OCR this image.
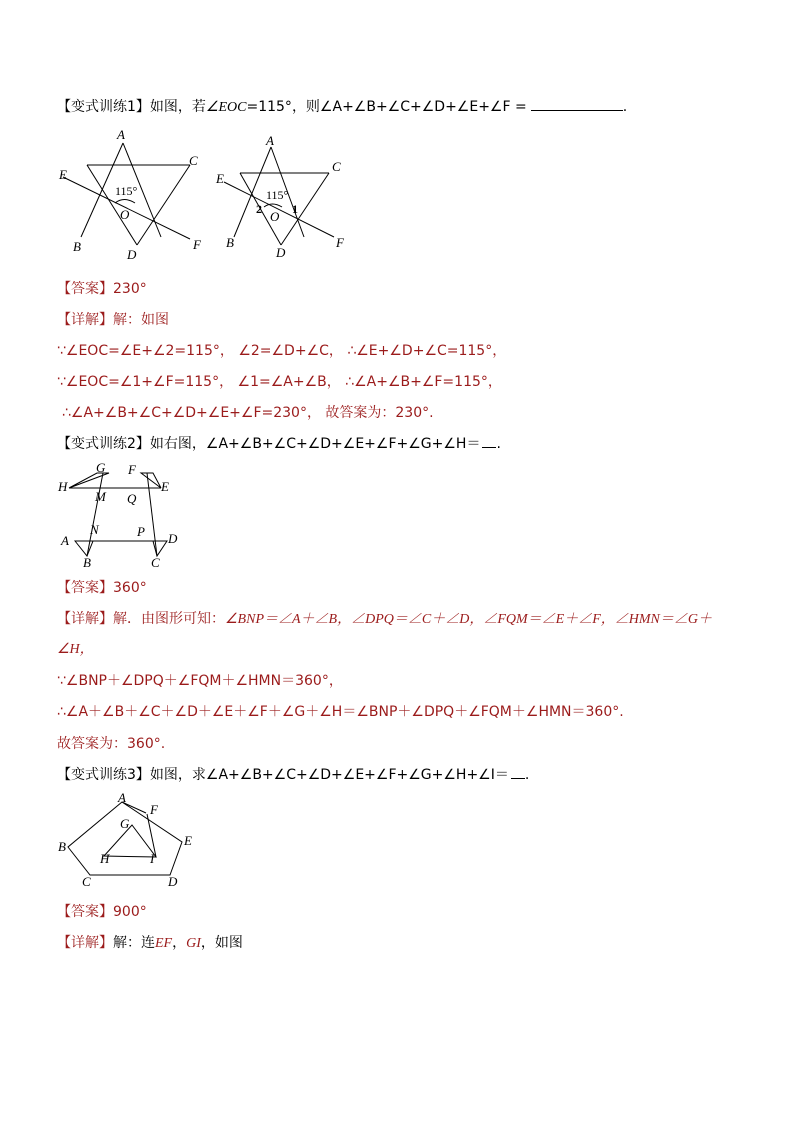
【变式训练1】如图，若∠EOC=115°，则∠A+∠B+∠C+∠D+∠E+∠F =	.
A
C
E
115°
O
B	F
D
A
C
E
115°
2	1
O
B	F
D
【答案】230°
【详解】解：如图
∵∠EOC=∠E+∠2=115°， ∠2=∠D+∠C， ∴∠E+∠D+∠C=115°，
∵∠EOC=∠1+∠F=115°， ∠1=∠A+∠B， ∴∠A+∠B+∠F=115°，
∴∠A+∠B+∠C+∠D+∠E+∠F=230°， 故答案为：230°.
【变式训练2】如右图，∠A+∠B+∠C+∠D+∠E+∠F+∠G+∠H＝ .
H
G F
E
M Q
N	P
A	D
B	C
【答案】360°
【详解】解．由图形可知：∠BNP＝∠A＋∠B，∠DPQ＝∠C＋∠D，∠FQM＝∠E＋∠F，∠HMN＝∠G＋
∠H，
∵∠BNP＋∠DPQ＋∠FQM＋∠HMN＝360°，
∴∠A＋∠B＋∠C＋∠D＋∠E＋∠F＋∠G＋∠H＝∠BNP＋∠DPQ＋∠FQM＋∠HMN＝360°.
故答案为：360°.
【变式训练3】如图，求∠A+∠B+∠C+∠D+∠E+∠F+∠G+∠H+∠I＝ .
A
F
G
B	E
H	I
C	D
【答案】900°
【详解】解：连EF，GI，如图
